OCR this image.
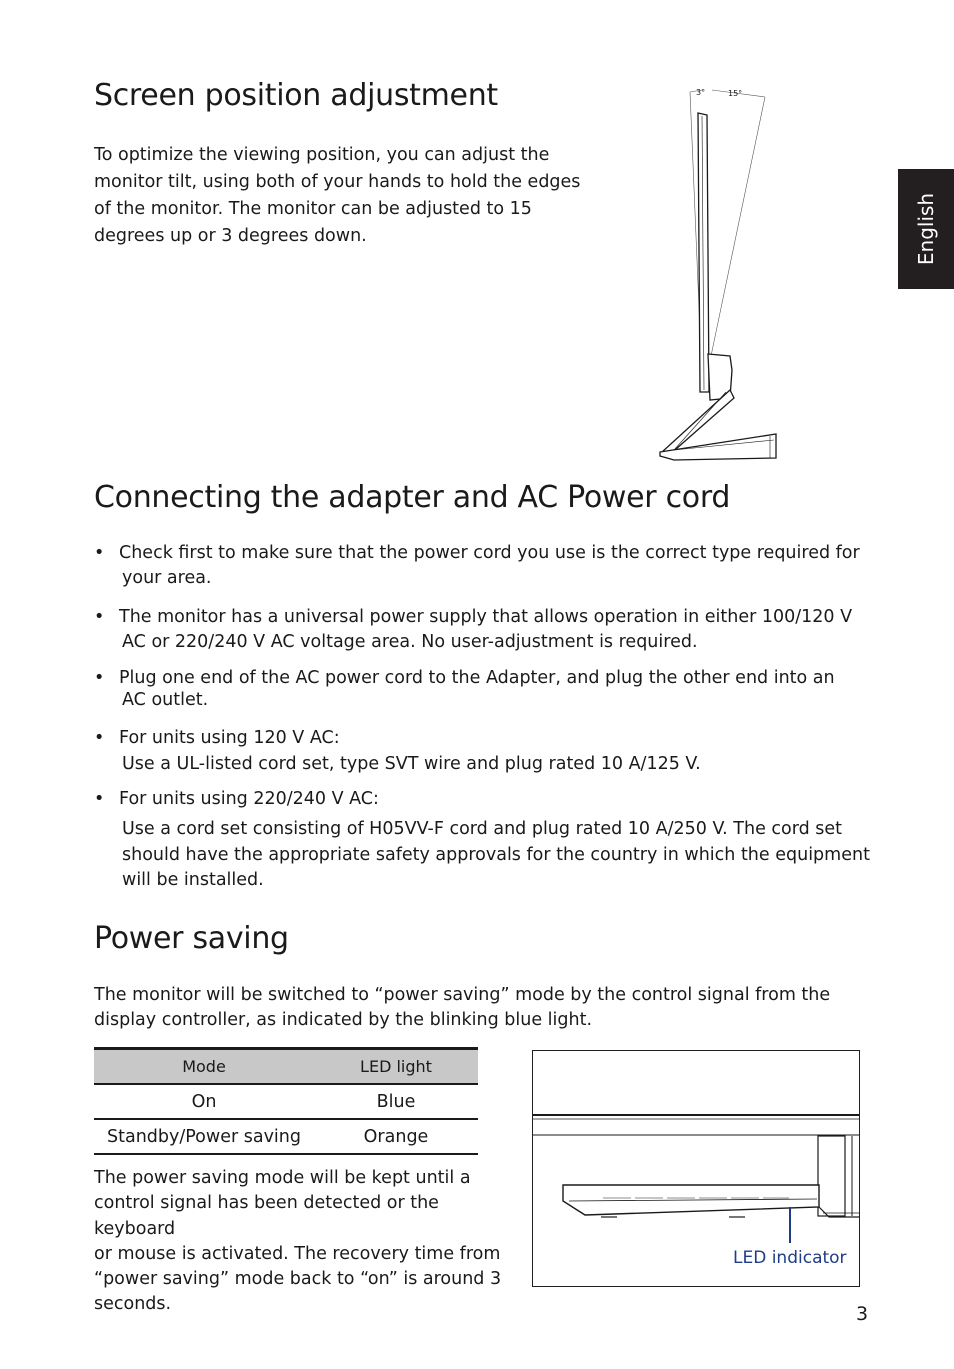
English
Screen position adjustment
To optimize the viewing position, you can adjust the
monitor tilt, using both of your hands to hold the edges
of the monitor. The monitor can be adjusted to 15
degrees up or 3 degrees down.
3°	15°
Connecting the adapter and AC Power cord
• Check first to make sure that the power cord you use is the correct type required for
your area.
• The monitor has a universal power supply that allows operation in either 100/120 V
AC or 220/240 V AC voltage area. No user-adjustment is required.
• Plug one end of the AC power cord to the Adapter, and plug the other end into an
AC outlet.
• For units using 120 V AC:
Use a UL-listed cord set, type SVT wire and plug rated 10 A/125 V.
• For units using 220/240 V AC:
Use a cord set consisting of H05VV-F cord and plug rated 10 A/250 V. The cord set
should have the appropriate safety approvals for the country in which the equipment
will be installed.
Power saving
The monitor will be switched to “power saving” mode by the control signal from the
display controller, as indicated by the blinking blue light.
Mode	LED light
On	Blue
Standby/Power saving	Orange
The power saving mode will be kept until a
control signal has been detected or the keyboard
or mouse is activated. The recovery time from
“power saving” mode back to “on” is around 3
seconds.
LED indicator
3
